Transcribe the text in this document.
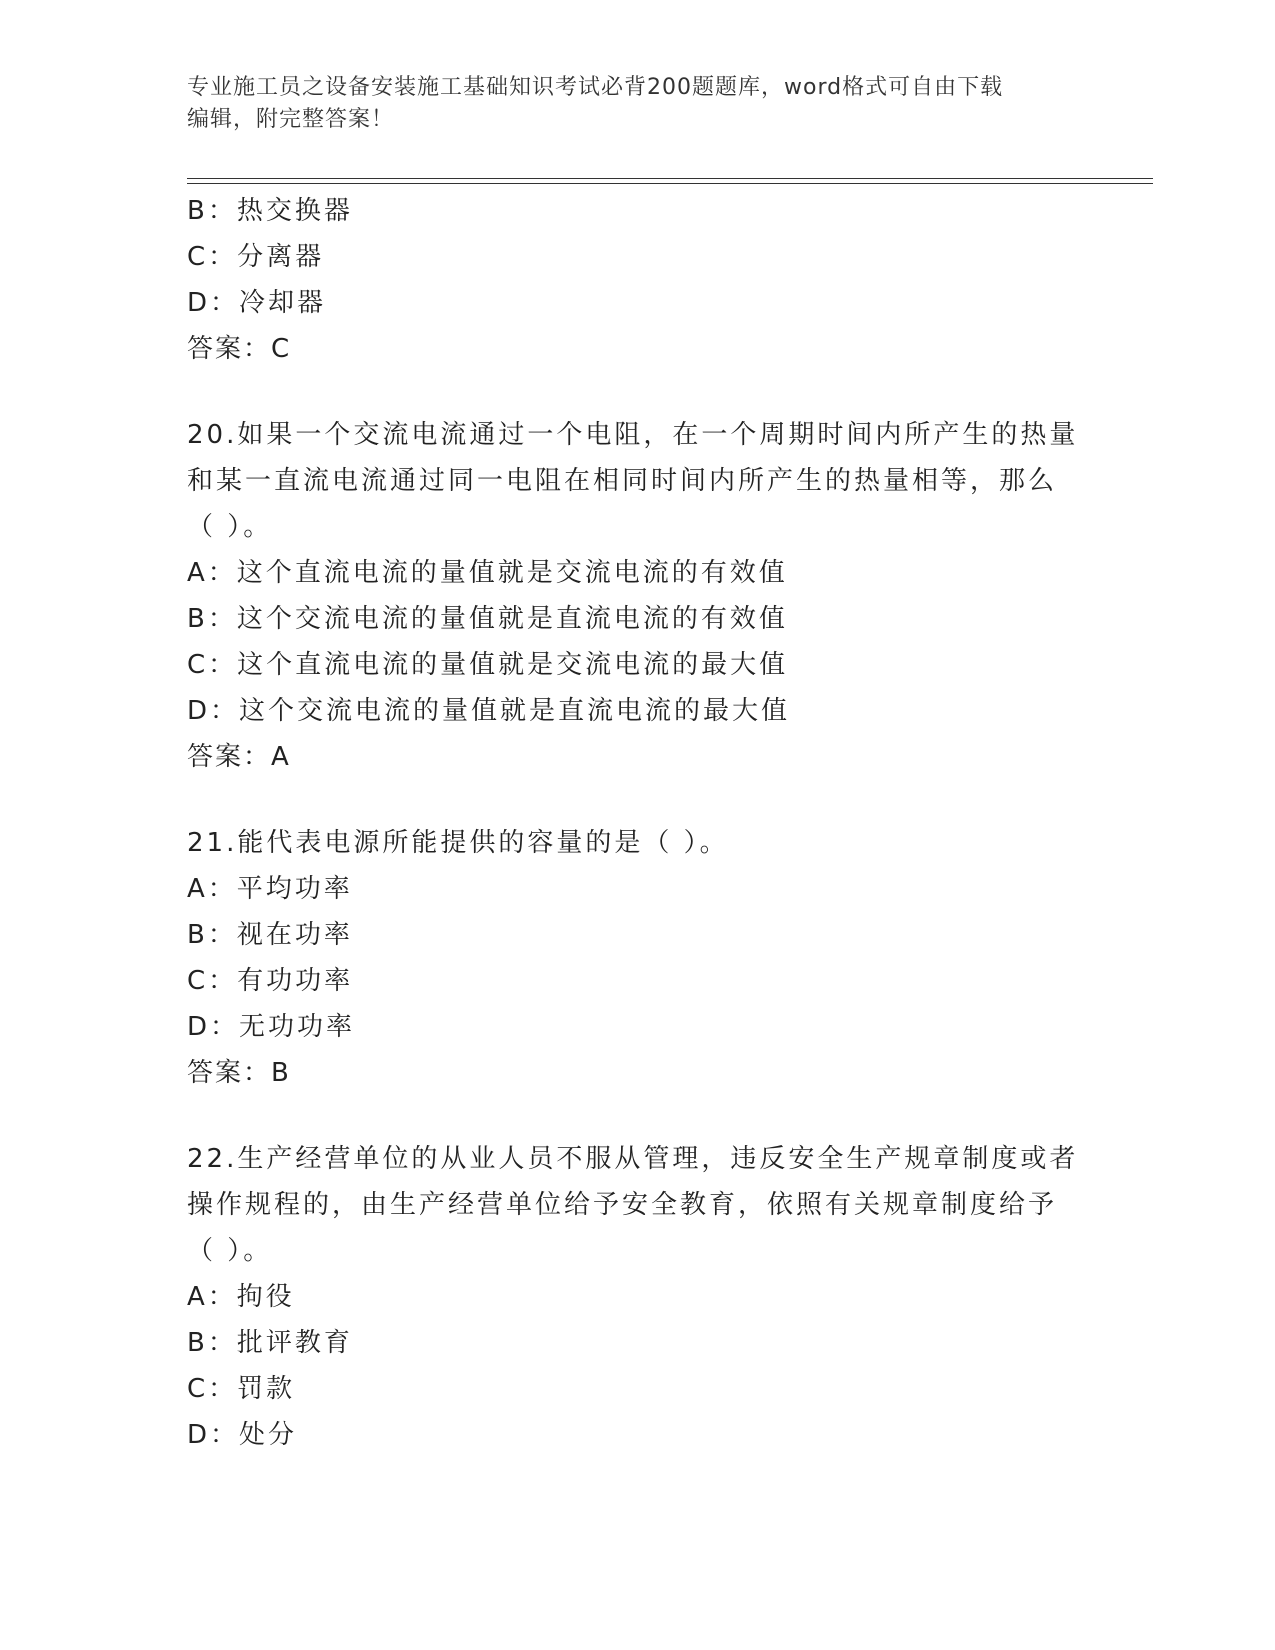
专业施工员之设备安装施工基础知识考试必背200题题库，word格式可自由下载
编辑，附完整答案！
B：热交换器
C：分离器
D：冷却器
答案：C
20.如果一个交流电流通过一个电阻，在一个周期时间内所产生的热量
和某一直流电流通过同一电阻在相同时间内所产生的热量相等，那么
（ ）。
A：这个直流电流的量值就是交流电流的有效值
B：这个交流电流的量值就是直流电流的有效值
C：这个直流电流的量值就是交流电流的最大值
D：这个交流电流的量值就是直流电流的最大值
答案：A
21.能代表电源所能提供的容量的是（ ）。
A：平均功率
B：视在功率
C：有功功率
D：无功功率
答案：B
22.生产经营单位的从业人员不服从管理，违反安全生产规章制度或者
操作规程的，由生产经营单位给予安全教育，依照有关规章制度给予
（ ）。
A：拘役
B：批评教育
C：罚款
D：处分
